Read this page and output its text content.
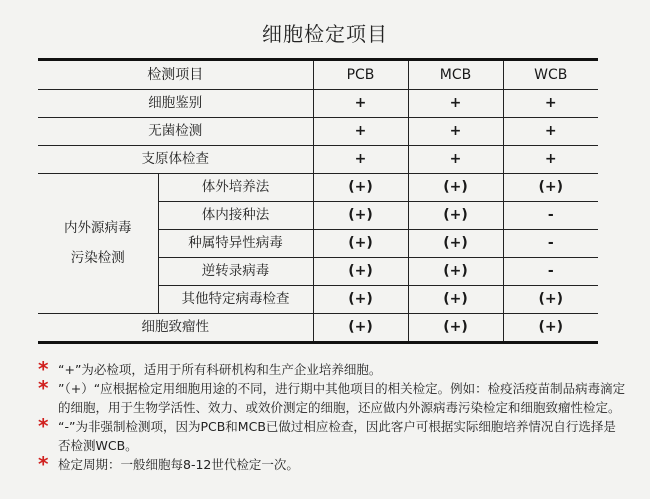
细胞检定项目
检测项目		PCB	MCB	WCB
细胞鉴别		+	+	+
无菌检测		+	+	+
支原体检查		+	+	+
内外源病毒
污染检测	体外培养法	(+)	(+)	(+)
	体内接种法	(+)	(+)	-
	种属特异性病毒	(+)	(+)	-
	逆转录病毒	(+)	(+)	-
	其他特定病毒检查	(+)	(+)	(+)
细胞致瘤性		(+)	(+)	(+)
* “+”为必检项，适用于所有科研机构和生产企业培养细胞。
* ”（+）“应根据检定用细胞用途的不同，进行期中其他项目的相关检定。例如：检疫活疫苗制品病毒滴定的细胞，用于生物学活性、效力、或效价测定的细胞，还应做内外源病毒污染检定和细胞致瘤性检定。
* “-”为非强制检测项，因为PCB和MCB已做过相应检查，因此客户可根据实际细胞培养情况自行选择是否检测WCB。
* 检定周期：一般细胞每8-12世代检定一次。
